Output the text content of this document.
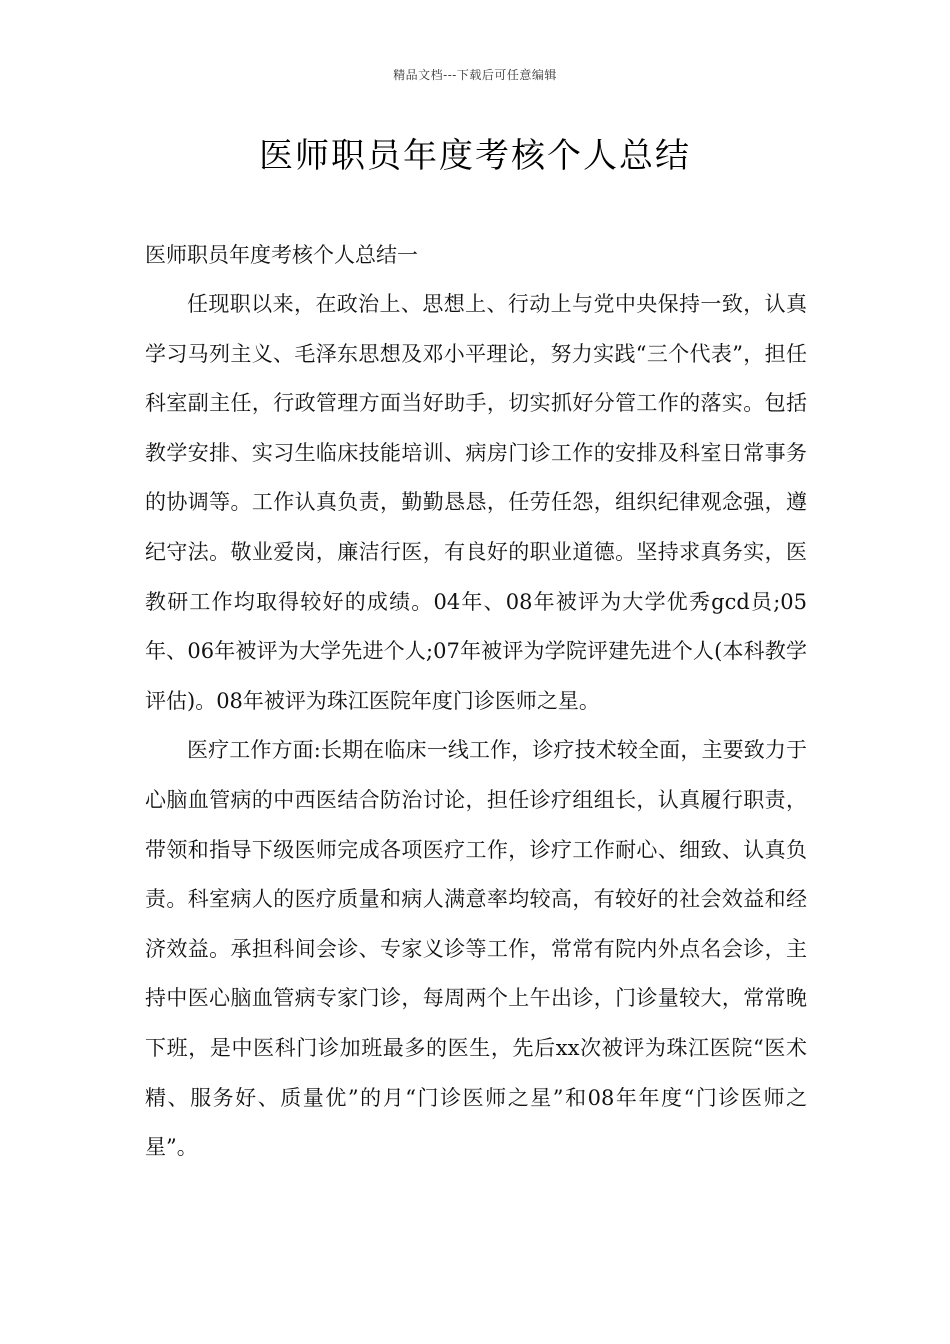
精品文档---下载后可任意编辑
医师职员年度考核个人总结

医师职员年度考核个人总结一

任现职以来，在政治上、思想上、行动上与党中央保持一致，认真学习马列主义、毛泽东思想及邓小平理论，努力实践“三个代表”，担任科室副主任，行政管理方面当好助手，切实抓好分管工作的落实。包括教学安排、实习生临床技能培训、病房门诊工作的安排及科室日常事务的协调等。工作认真负责，勤勤恳恳，任劳任怨，组织纪律观念强，遵纪守法。敬业爱岗，廉洁行医，有良好的职业道德。坚持求真务实，医教研工作均取得较好的成绩。04年、08年被评为大学优秀gcd员;05年、06年被评为大学先进个人;07年被评为学院评建先进个人(本科教学评估)。08年被评为珠江医院年度门诊医师之星。

医疗工作方面:长期在临床一线工作，诊疗技术较全面，主要致力于心脑血管病的中西医结合防治讨论，担任诊疗组组长，认真履行职责，带领和指导下级医师完成各项医疗工作，诊疗工作耐心、细致、认真负责。科室病人的医疗质量和病人满意率均较高，有较好的社会效益和经济效益。承担科间会诊、专家义诊等工作，常常有院内外点名会诊，主持中医心脑血管病专家门诊，每周两个上午出诊，门诊量较大，常常晚下班，是中医科门诊加班最多的医生，先后xx次被评为珠江医院“医术精、服务好、质量优”的月“门诊医师之星”和08年年度“门诊医师之星”。
